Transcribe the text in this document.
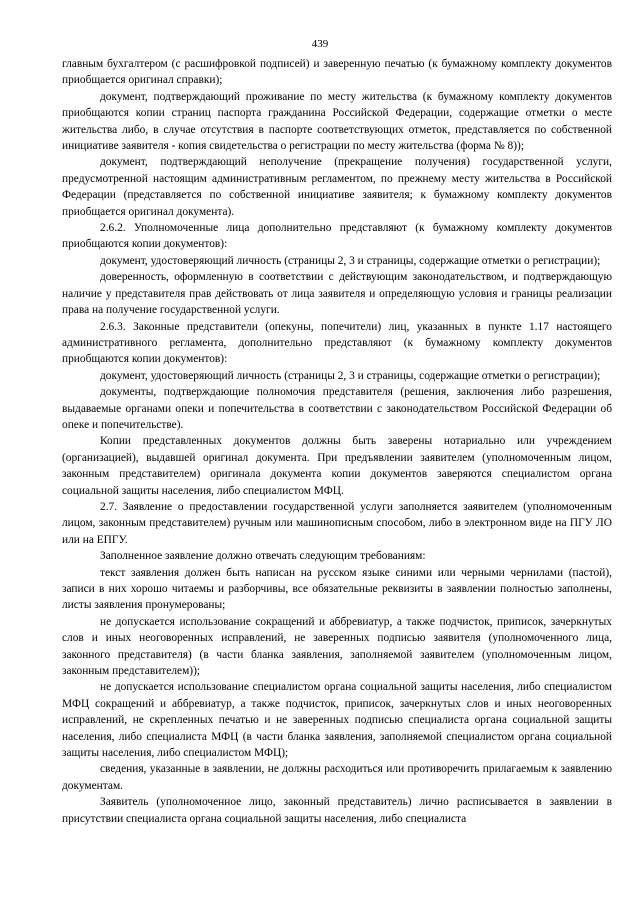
439

главным бухгалтером (с расшифровкой подписей) и заверенную печатью (к бумажному комплекту документов приобщается оригинал справки);

документ, подтверждающий проживание по месту жительства (к бумажному комплекту документов приобщаются копии страниц паспорта гражданина Российской Федерации, содержащие отметки о месте жительства либо, в случае отсутствия в паспорте соответствующих отметок, представляется по собственной инициативе заявителя - копия свидетельства о регистрации по месту жительства (форма № 8));

документ, подтверждающий неполучение (прекращение получения) государственной услуги, предусмотренной настоящим административным регламентом, по прежнему месту жительства в Российской Федерации (представляется по собственной инициативе заявителя; к бумажному комплекту документов приобщается оригинал документа).

2.6.2. Уполномоченные лица дополнительно представляют (к бумажному комплекту документов приобщаются копии документов):

документ, удостоверяющий личность (страницы 2, 3 и страницы, содержащие отметки о регистрации);

доверенность, оформленную в соответствии с действующим законодательством, и подтверждающую наличие у представителя прав действовать от лица заявителя и определяющую условия и границы реализации права на получение государственной услуги.

2.6.3. Законные представители (опекуны, попечители) лиц, указанных в пункте 1.17 настоящего административного регламента, дополнительно представляют (к бумажному комплекту документов приобщаются копии документов):

документ, удостоверяющий личность (страницы 2, 3 и страницы, содержащие отметки о регистрации);

документы, подтверждающие полномочия представителя (решения, заключения либо разрешения, выдаваемые органами опеки и попечительства в соответствии с законодательством Российской Федерации об опеке и попечительстве).

Копии представленных документов должны быть заверены нотариально или учреждением (организацией), выдавшей оригинал документа. При предъявлении заявителем (уполномоченным лицом, законным представителем) оригинала документа копии документов заверяются специалистом органа социальной защиты населения, либо специалистом МФЦ.

2.7. Заявление о предоставлении государственной услуги заполняется заявителем (уполномоченным лицом, законным представителем) ручным или машинописным способом, либо в электронном виде на ПГУ ЛО или на ЕПГУ.

Заполненное заявление должно отвечать следующим требованиям:

текст заявления должен быть написан на русском языке синими или черными чернилами (пастой), записи в них хорошо читаемы и разборчивы, все обязательные реквизиты в заявлении полностью заполнены, листы заявления пронумерованы;

не допускается использование сокращений и аббревиатур, а также подчисток, приписок, зачеркнутых слов и иных неоговоренных исправлений, не заверенных подписью заявителя (уполномоченного лица, законного представителя) (в части бланка заявления, заполняемой заявителем (уполномоченным лицом, законным представителем));

не допускается использование специалистом органа социальной защиты населения, либо специалистом МФЦ сокращений и аббревиатур, а также подчисток, приписок, зачеркнутых слов и иных неоговоренных исправлений, не скрепленных печатью и не заверенных подписью специалиста органа социальной защиты населения, либо специалиста МФЦ (в части бланка заявления, заполняемой специалистом органа социальной защиты населения, либо специалистом МФЦ);

сведения, указанные в заявлении, не должны расходиться или противоречить прилагаемым к заявлению документам.

Заявитель (уполномоченное лицо, законный представитель) лично расписывается в заявлении в присутствии специалиста органа социальной защиты населения, либо специалиста
